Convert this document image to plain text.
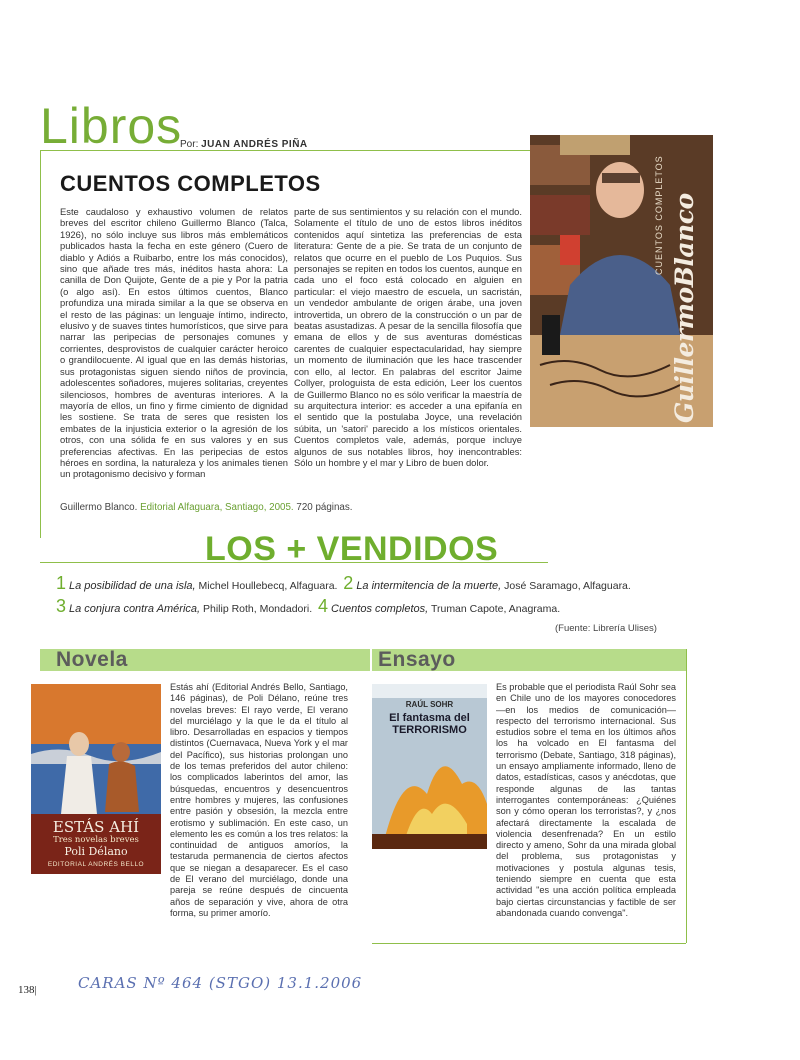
Libros
Por: JUAN ANDRÉS PIÑA
CUENTOS COMPLETOS
Este caudaloso y exhaustivo volumen de relatos breves del escritor chileno Guillermo Blanco (Talca, 1926), no sólo incluye sus libros más emblemáticos publicados hasta la fecha en este género (Cuero de diablo y Adiós a Ruibarbo, entre los más conocidos), sino que añade tres más, inéditos hasta ahora: La canilla de Don Quijote, Gente de a pie y Por la patria (o algo así). En estos últimos cuentos, Blanco profundiza una mirada similar a la que se observa en el resto de las páginas: un lenguaje íntimo, indirecto, elusivo y de suaves tintes humorísticos, que sirve para narrar las peripecias de personajes comunes y corrientes, desprovistos de cualquier carácter heroico o grandilocuente. Al igual que en las demás historias, sus protagonistas siguen siendo niños de provincia, adolescentes soñadores, mujeres solitarias, creyentes silenciosos, hombres de aventuras interiores. A la mayoría de ellos, un fino y firme cimiento de dignidad les sostiene. Se trata de seres que resisten los embates de la injusticia exterior o la agresión de los otros, con una sólida fe en sus valores y en sus preferencias afectivas. En las peripecias de estos héroes en sordina, la naturaleza y los animales tienen un protagonismo decisivo y forman
parte de sus sentimientos y su relación con el mundo. Solamente el título de uno de estos libros inéditos contenidos aquí sintetiza las preferencias de esta literatura: Gente de a pie. Se trata de un conjunto de relatos que ocurre en el pueblo de Los Puquios. Sus personajes se repiten en todos los cuentos, aunque en cada uno el foco está colocado en alguien en particular: el viejo maestro de escuela, un sacristán, un vendedor ambulante de origen árabe, una joven introvertida, un obrero de la construcción o un par de beatas asustadizas. A pesar de la sencilla filosofía que emana de ellos y de sus aventuras domésticas carentes de cualquier espectacularidad, hay siempre un momento de iluminación que les hace trascender con ello, al lector. En palabras del escritor Jaime Collyer, prologuista de esta edición, Leer los cuentos de Guillermo Blanco no es sólo verificar la maestría de su arquitectura interior: es acceder a una epifanía en el sentido que la postulaba Joyce, una revelación súbita, un 'satori' parecido a los místicos orientales. Cuentos completos vale, además, porque incluye algunos de sus notables libros, hoy inencontrables: Sólo un hombre y el mar y Libro de buen dolor.
GuillermoBlanco
CUENTOS COMPLETOS
Guillermo Blanco. Editorial Alfaguara, Santiago, 2005. 720 páginas.
LOS + VENDIDOS
1 La posibilidad de una isla, Michel Houllebecq, Alfaguara. 2 La intermitencia de la muerte, José Saramago, Alfaguara.
3 La conjura contra América, Philip Roth, Mondadori. 4 Cuentos completos, Truman Capote, Anagrama.
(Fuente: Librería Ulises)
Novela	Ensayo
ESTÁS AHÍ
Tres novelas breves
Poli Délano
EDITORIAL ANDRÉS BELLO
Estás ahí (Editorial Andrés Bello, Santiago, 146 páginas), de Poli Délano, reúne tres novelas breves: El rayo verde, El verano del murciélago y la que le da el título al libro. Desarrolladas en espacios y tiempos distintos (Cuernavaca, Nueva York y el mar del Pacífico), sus historias prolongan uno de los temas preferidos del autor chileno: los complicados laberintos del amor, las búsquedas, encuentros y desencuentros entre hombres y mujeres, las confusiones entre pasión y obsesión, la mezcla entre erotismo y sublimación. En este caso, un elemento les es común a los tres relatos: la continuidad de antiguos amoríos, la testaruda permanencia de ciertos afectos que se niegan a desaparecer. Es el caso de El verano del murciélago, donde una pareja se reúne después de cincuenta años de separación y vive, ahora de otra forma, su primer amorío.
RAÚL SOHR
El fantasma del TERRORISMO
Es probable que el periodista Raúl Sohr sea en Chile uno de los mayores conocedores —en los medios de comunicación— respecto del terrorismo internacional. Sus estudios sobre el tema en los últimos años los ha volcado en El fantasma del terrorismo (Debate, Santiago, 318 páginas), un ensayo ampliamente informado, lleno de datos, estadísticas, casos y anécdotas, que responde algunas de las tantas interrogantes contemporáneas: ¿Quiénes son y cómo operan los terroristas?, y ¿nos afectará directamente la escalada de violencia desenfrenada? En un estilo directo y ameno, Sohr da una mirada global del problema, sus protagonistas y motivaciones y postula algunas tesis, teniendo siempre en cuenta que esta actividad "es una acción política empleada bajo ciertas circunstancias y factible de ser abandonada cuando convenga".
138|	CARAS Nº 464 (STGO) 13.1.2006
